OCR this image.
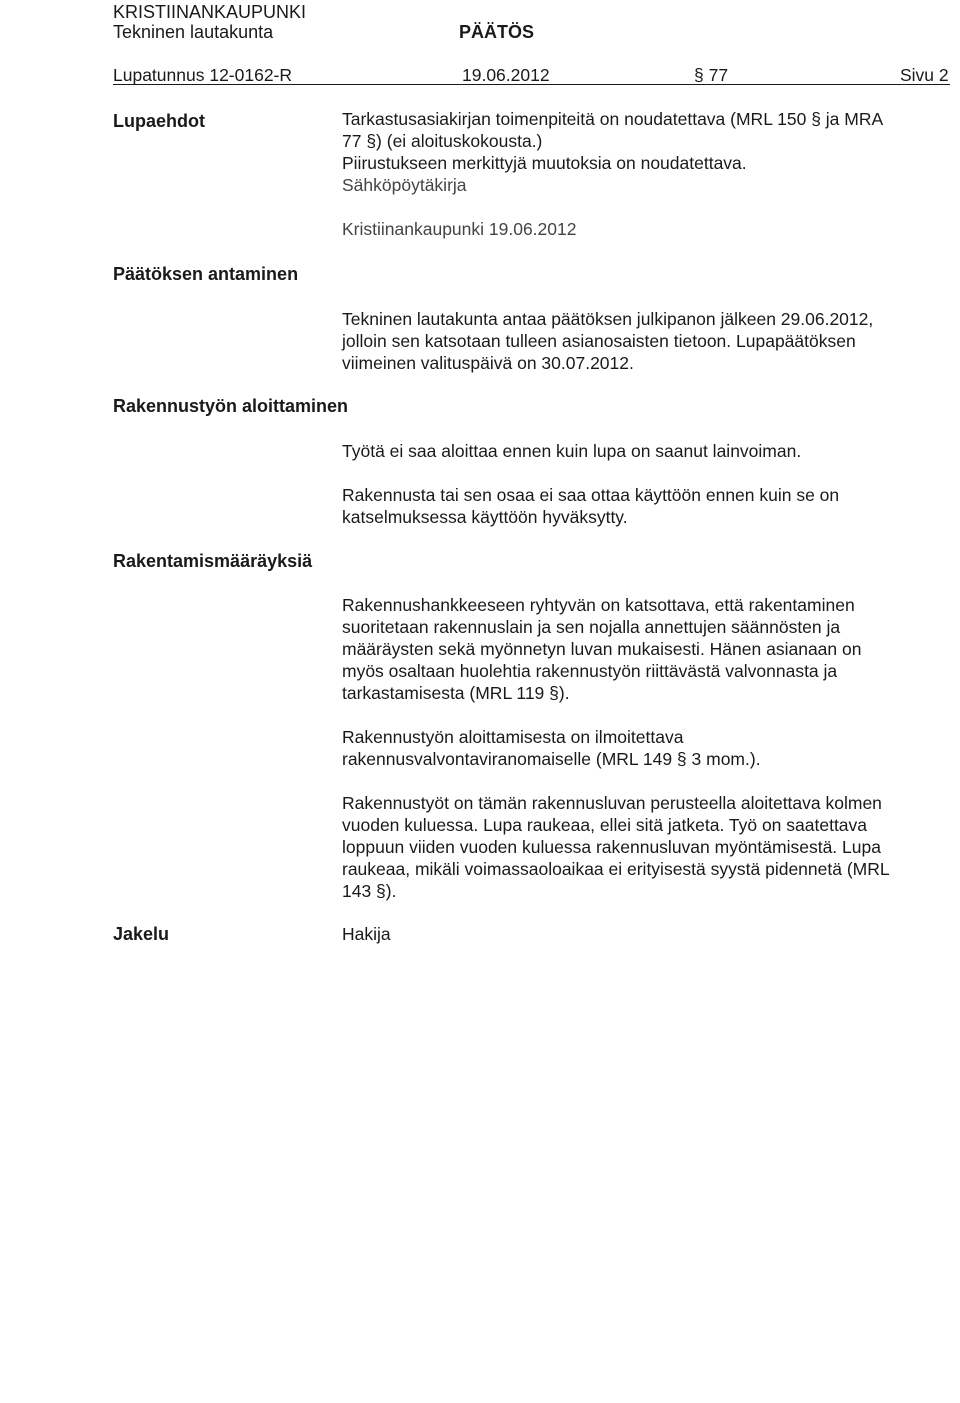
KRISTIINANKAUPUNKI
Tekninen lautakunta	PÄÄTÖS
Lupatunnus 12-0162-R	19.06.2012	§ 77	Sivu 2
Lupaehdot	Tarkastusasiakirjan toimenpiteitä on noudatettava (MRL 150 § ja MRA

77 §) (ei aloituskokousta.)

Piirustukseen merkittyjä muutoksia on noudatettava.

Sähköpöytäkirja

Kristiinankaupunki 19.06.2012
Päätöksen antaminen

Tekninen lautakunta antaa päätöksen julkipanon jälkeen 29.06.2012,

jolloin sen katsotaan tulleen asianosaisten tietoon. Lupapäätöksen

viimeinen valituspäivä on 30.07.2012.

Rakennustyön aloittaminen

Työtä ei saa aloittaa ennen kuin lupa on saanut lainvoiman.

Rakennusta tai sen osaa ei saa ottaa käyttöön ennen kuin se on

katselmuksessa käyttöön hyväksytty.

Rakentamismääräyksiä

Rakennushankkeeseen ryhtyvän on katsottava, että rakentaminen

suoritetaan rakennuslain ja sen nojalla annettujen säännösten ja

määräysten sekä myönnetyn luvan mukaisesti. Hänen asianaan on

myös osaltaan huolehtia rakennustyön riittävästä valvonnasta ja

tarkastamisesta (MRL 119 §).

Rakennustyön aloittamisesta on ilmoitettava

rakennusvalvontaviranomaiselle (MRL 149 § 3 mom.).

Rakennustyöt on tämän rakennusluvan perusteella aloitettava kolmen

vuoden kuluessa. Lupa raukeaa, ellei sitä jatketa. Työ on saatettava

loppuun viiden vuoden kuluessa rakennusluvan myöntämisestä. Lupa

raukeaa, mikäli voimassaoloaikaa ei erityisestä syystä pidennetä (MRL

143 §).

Jakelu	Hakija
